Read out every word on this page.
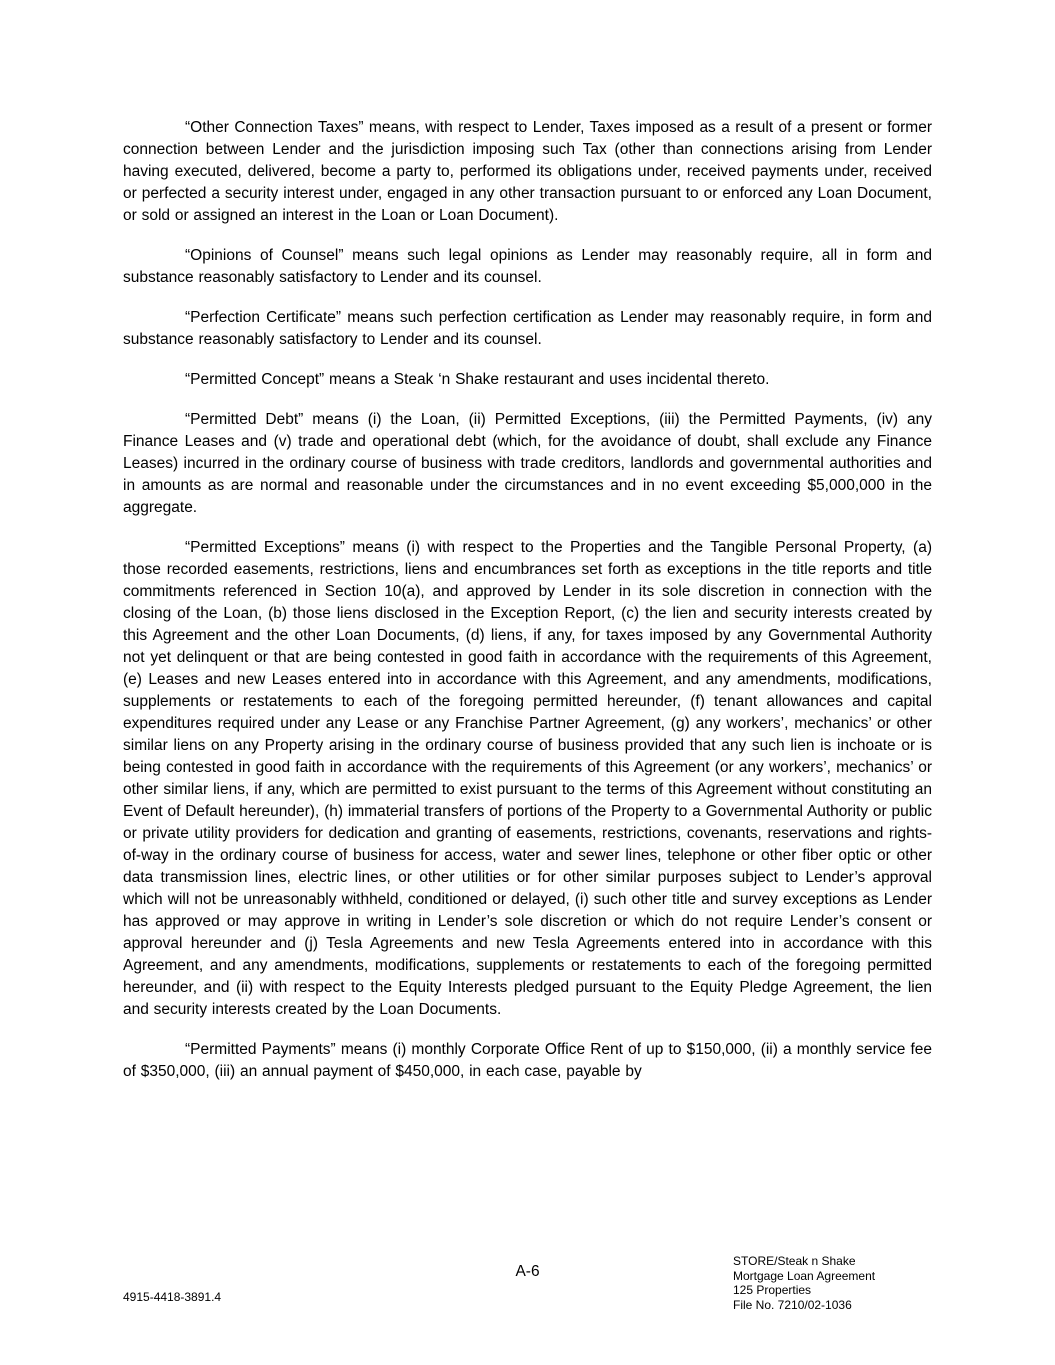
“Other Connection Taxes” means, with respect to Lender, Taxes imposed as a result of a present or former connection between Lender and the jurisdiction imposing such Tax (other than connections arising from Lender having executed, delivered, become a party to, performed its obligations under, received payments under, received or perfected a security interest under, engaged in any other transaction pursuant to or enforced any Loan Document, or sold or assigned an interest in the Loan or Loan Document).

“Opinions of Counsel” means such legal opinions as Lender may reasonably require, all in form and substance reasonably satisfactory to Lender and its counsel.

“Perfection Certificate” means such perfection certification as Lender may reasonably require, in form and substance reasonably satisfactory to Lender and its counsel.

“Permitted Concept” means a Steak ‘n Shake restaurant and uses incidental thereto.

“Permitted Debt” means (i) the Loan, (ii) Permitted Exceptions, (iii) the Permitted Payments, (iv) any Finance Leases and (v) trade and operational debt (which, for the avoidance of doubt, shall exclude any Finance Leases) incurred in the ordinary course of business with trade creditors, landlords and governmental authorities and in amounts as are normal and reasonable under the circumstances and in no event exceeding $5,000,000 in the aggregate.

“Permitted Exceptions” means (i) with respect to the Properties and the Tangible Personal Property, (a) those recorded easements, restrictions, liens and encumbrances set forth as exceptions in the title reports and title commitments referenced in Section 10(a), and approved by Lender in its sole discretion in connection with the closing of the Loan, (b) those liens disclosed in the Exception Report, (c) the lien and security interests created by this Agreement and the other Loan Documents, (d) liens, if any, for taxes imposed by any Governmental Authority not yet delinquent or that are being contested in good faith in accordance with the requirements of this Agreement, (e) Leases and new Leases entered into in accordance with this Agreement, and any amendments, modifications, supplements or restatements to each of the foregoing permitted hereunder, (f) tenant allowances and capital expenditures required under any Lease or any Franchise Partner Agreement, (g) any workers’, mechanics’ or other similar liens on any Property arising in the ordinary course of business provided that any such lien is inchoate or is being contested in good faith in accordance with the requirements of this Agreement (or any workers’, mechanics’ or other similar liens, if any, which are permitted to exist pursuant to the terms of this Agreement without constituting an Event of Default hereunder), (h) immaterial transfers of portions of the Property to a Governmental Authority or public or private utility providers for dedication and granting of easements, restrictions, covenants, reservations and rights-of-way in the ordinary course of business for access, water and sewer lines, telephone or other fiber optic or other data transmission lines, electric lines, or other utilities or for other similar purposes subject to Lender’s approval which will not be unreasonably withheld, conditioned or delayed, (i) such other title and survey exceptions as Lender has approved or may approve in writing in Lender’s sole discretion or which do not require Lender’s consent or approval hereunder and (j) Tesla Agreements and new Tesla Agreements entered into in accordance with this Agreement, and any amendments, modifications, supplements or restatements to each of the foregoing permitted hereunder, and (ii) with respect to the Equity Interests pledged pursuant to the Equity Pledge Agreement, the lien and security interests created by the Loan Documents.

“Permitted Payments” means (i) monthly Corporate Office Rent of up to $150,000, (ii) a monthly service fee of $350,000, (iii) an annual payment of $450,000, in each case, payable by

A-6
4915-4418-3891.4
STORE/Steak n Shake
Mortgage Loan Agreement
125 Properties
File No. 7210/02-1036
